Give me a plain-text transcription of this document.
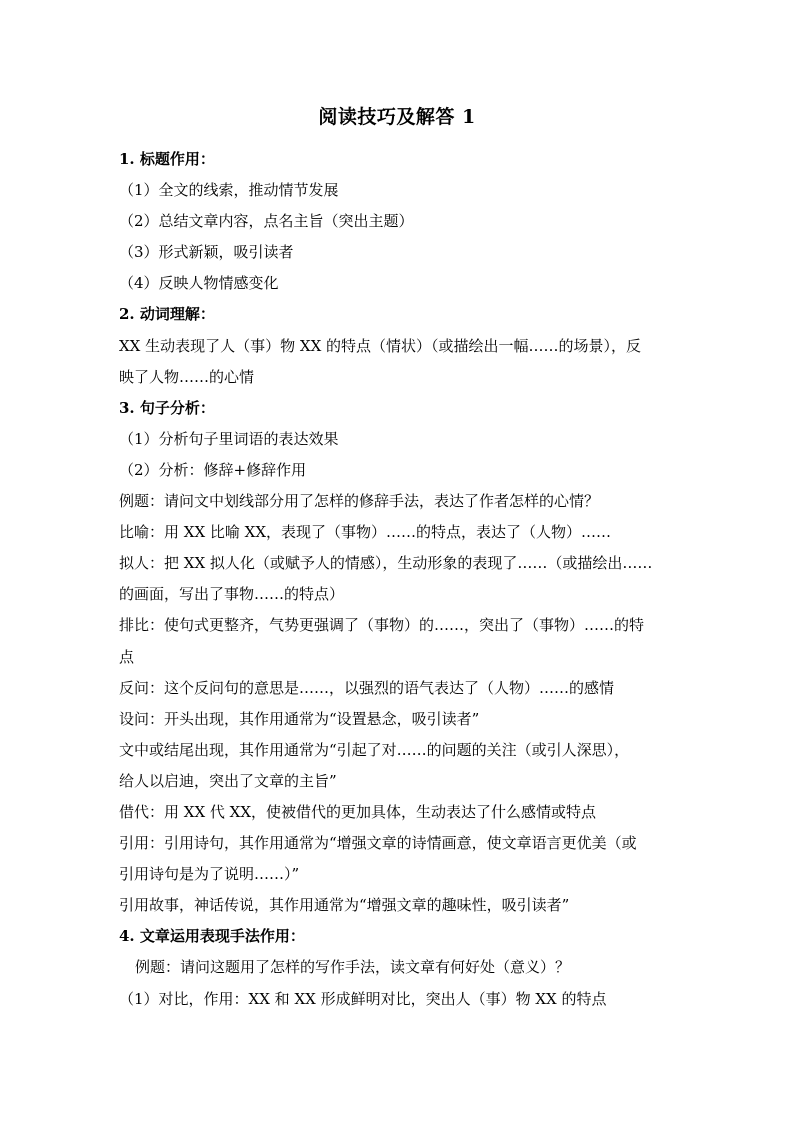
阅读技巧及解答 1
1. 标题作用：
（1）全文的线索，推动情节发展
（2）总结文章内容，点名主旨（突出主题）
（3）形式新颖，吸引读者
（4）反映人物情感变化
2. 动词理解：
XX 生动表现了人（事）物 XX 的特点（情状）（或描绘出一幅……的场景），反
映了人物……的心情
3. 句子分析：
（1）分析句子里词语的表达效果
（2）分析：修辞+修辞作用
例题：请问文中划线部分用了怎样的修辞手法，表达了作者怎样的心情？
比喻：用 XX 比喻 XX，表现了（事物）……的特点，表达了（人物）……
拟人：把 XX 拟人化（或赋予人的情感），生动形象的表现了……（或描绘出……
的画面，写出了事物……的特点）
排比：使句式更整齐，气势更强调了（事物）的……，突出了（事物）……的特
点
反问：这个反问句的意思是……，以强烈的语气表达了（人物）……的感情
设问：开头出现，其作用通常为“设置悬念，吸引读者”
文中或结尾出现，其作用通常为“引起了对……的问题的关注（或引人深思），
给人以启迪，突出了文章的主旨”
借代：用 XX 代 XX，使被借代的更加具体，生动表达了什么感情或特点
引用：引用诗句，其作用通常为“增强文章的诗情画意，使文章语言更优美（或
引用诗句是为了说明……）”
引用故事，神话传说，其作用通常为“增强文章的趣味性，吸引读者”
4. 文章运用表现手法作用：
例题：请问这题用了怎样的写作手法，读文章有何好处（意义）？
（1）对比，作用：XX 和 XX 形成鲜明对比，突出人（事）物 XX 的特点
